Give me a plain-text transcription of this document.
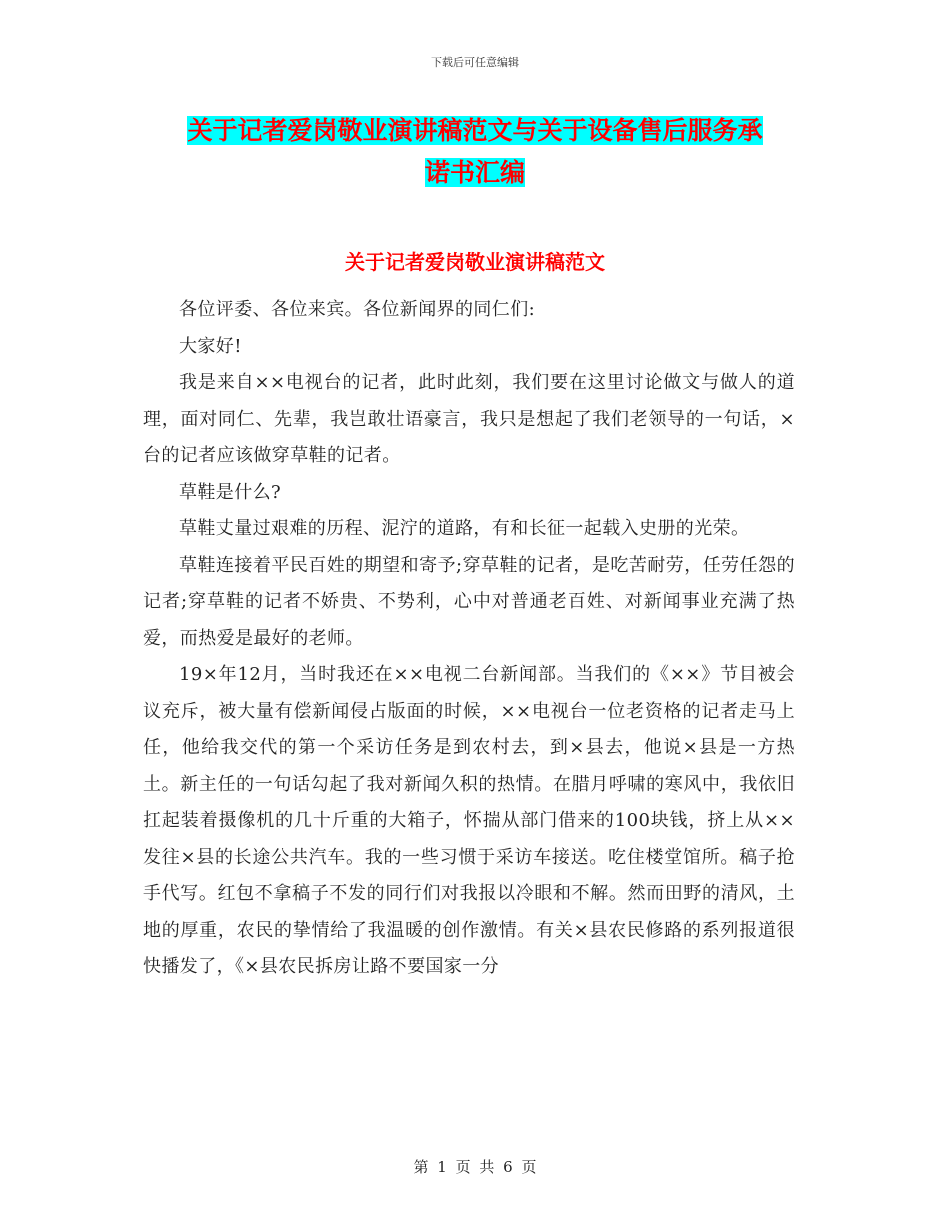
下载后可任意编辑
关于记者爱岗敬业演讲稿范文与关于设备售后服务承
诺书汇编
关于记者爱岗敬业演讲稿范文

各位评委、各位来宾。各位新闻界的同仁们:

大家好!

我是来自××电视台的记者，此时此刻，我们要在这里讨论做文与做人的道理，面对同仁、先辈，我岂敢壮语豪言，我只是想起了我们老领导的一句话，×台的记者应该做穿草鞋的记者。

草鞋是什么?

草鞋丈量过艰难的历程、泥泞的道路，有和长征一起载入史册的光荣。

草鞋连接着平民百姓的期望和寄予;穿草鞋的记者，是吃苦耐劳，任劳任怨的记者;穿草鞋的记者不娇贵、不势利，心中对普通老百姓、对新闻事业充满了热爱，而热爱是最好的老师。

19×年12月，当时我还在××电视二台新闻部。当我们的《××》节目被会议充斥，被大量有偿新闻侵占版面的时候，××电视台一位老资格的记者走马上任，他给我交代的第一个采访任务是到农村去，到×县去，他说×县是一方热土。新主任的一句话勾起了我对新闻久积的热情。在腊月呼啸的寒风中，我依旧扛起装着摄像机的几十斤重的大箱子，怀揣从部门借来的100块钱，挤上从××发往×县的长途公共汽车。我的一些习惯于采访车接送。吃住楼堂馆所。稿子抢手代写。红包不拿稿子不发的同行们对我报以冷眼和不解。然而田野的清风，土地的厚重，农民的挚情给了我温暖的创作激情。有关×县农民修路的系列报道很快播发了，《×县农民拆房让路不要国家一分

第 1 页 共 6 页
